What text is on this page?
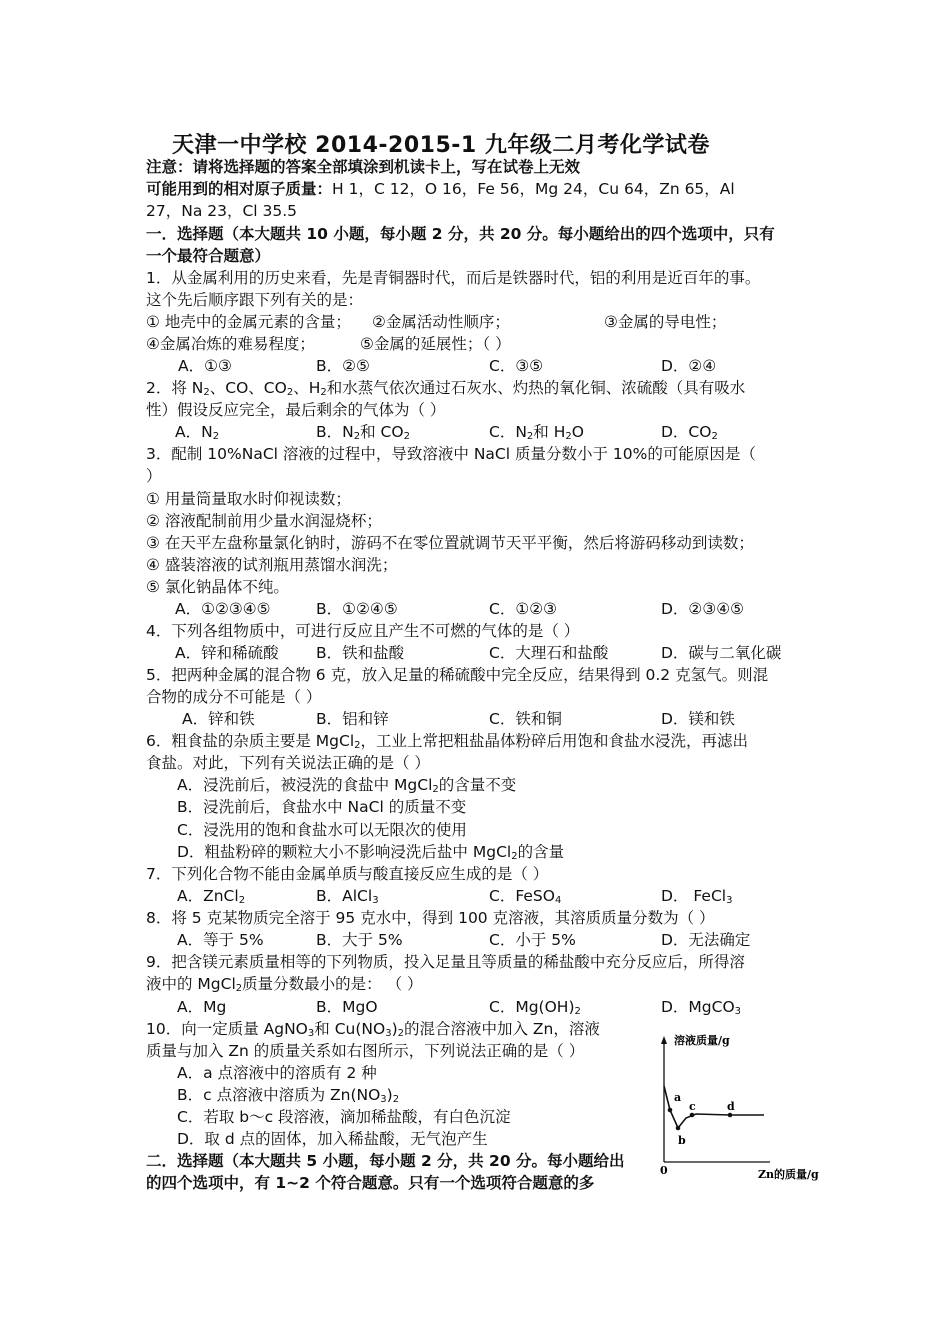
天津一中学校 2014-2015-1 九年级二月考化学试卷
注意：请将选择题的答案全部填涂到机读卡上，写在试卷上无效
可能用到的相对原子质量：H 1，C 12，O 16，Fe 56，Mg 24，Cu 64，Zn 65，Al
27，Na 23，Cl 35.5
一．选择题（本大题共 10 小题，每小题 2 分，共 20 分。每小题给出的四个选项中，只有
一个最符合题意）
1．从金属利用的历史来看，先是青铜器时代，而后是铁器时代，铝的利用是近百年的事。
这个先后顺序跟下列有关的是：
① 地壳中的金属元素的含量； ②金属活动性顺序；	③金属的导电性；
④金属冶炼的难易程度；	⑤金属的延展性；（ ）
A．①③	B．②⑤	C．③⑤	D．②④
2．将 $N_2$、CO、$CO_2$、$H_2$和水蒸气依次通过石灰水、灼热的氧化铜、浓硫酸（具有吸水
性）假设反应完全，最后剩余的气体为（ ）
A．$N_2$	B．$N_2$和 $CO_2$	C．$N_2$和 $H_2O$	D．$CO_2$
3．配制 10%NaCl 溶液的过程中，导致溶液中 NaCl 质量分数小于 10%的可能原因是（
）
① 用量筒量取水时仰视读数；
② 溶液配制前用少量水润湿烧杯；
③ 在天平左盘称量氯化钠时，游码不在零位置就调节天平平衡，然后将游码移动到读数；
④ 盛装溶液的试剂瓶用蒸馏水润洗；
⑤ 氯化钠晶体不纯。
A．①②③④⑤	B．①②④⑤	C．①②③	D．②③④⑤
4．下列各组物质中，可进行反应且产生不可燃的气体的是（ ）
A．锌和稀硫酸 B．铁和盐酸	C．大理石和盐酸	D．碳与二氧化碳
5．把两种金属的混合物 6 克，放入足量的稀硫酸中完全反应，结果得到 0.2 克氢气。则混
合物的成分不可能是（ ）
A．锌和铁	B．铝和锌	C．铁和铜	D．镁和铁
6．粗食盐的杂质主要是 MgCl$_2$，工业上常把粗盐晶体粉碎后用饱和食盐水浸洗，再滤出
食盐。对此，下列有关说法正确的是（ ）
A．浸洗前后，被浸洗的食盐中 MgCl$_2$的含量不变
B．浸洗前后，食盐水中 NaCl 的质量不变
C．浸洗用的饱和食盐水可以无限次的使用
D．粗盐粉碎的颗粒大小不影响浸洗后盐中 MgCl$_2$的含量
7．下列化合物不能由金属单质与酸直接反应生成的是（ ）
A．ZnCl$_2$	B．AlCl$_3$	C．FeSO$_4$	D． FeCl$_3$
8．将 5 克某物质完全溶于 95 克水中，得到 100 克溶液，其溶质质量分数为（ ）
A．等于 5%	B．大于 5%	C．小于 5%	D．无法确定
9．把含镁元素质量相等的下列物质，投入足量且等质量的稀盐酸中充分反应后，所得溶
液中的 MgCl$_2$质量分数最小的是： （ ）
A．Mg	B．MgO	C．$Mg(OH)_2$	D．MgCO$_3$
10．向一定质量 AgNO$_3$和 $Cu(NO_3)_2$的混合溶液中加入 Zn，溶液
质量与加入 Zn 的质量关系如右图所示，下列说法正确的是（ ）
A．a 点溶液中的溶质有 2 种
B．c 点溶液中溶质为 $Zn(NO_3)_2$
C．若取 b～c 段溶液，滴加稀盐酸，有白色沉淀
D．取 d 点的固体，加入稀盐酸，无气泡产生
溶液质量/g
Zn的质量/g
0
a
b
c	d
二．选择题（本大题共 5 小题，每小题 2 分，共 20 分。每小题给出
的四个选项中，有 1~2 个符合题意。只有一个选项符合题意的多
